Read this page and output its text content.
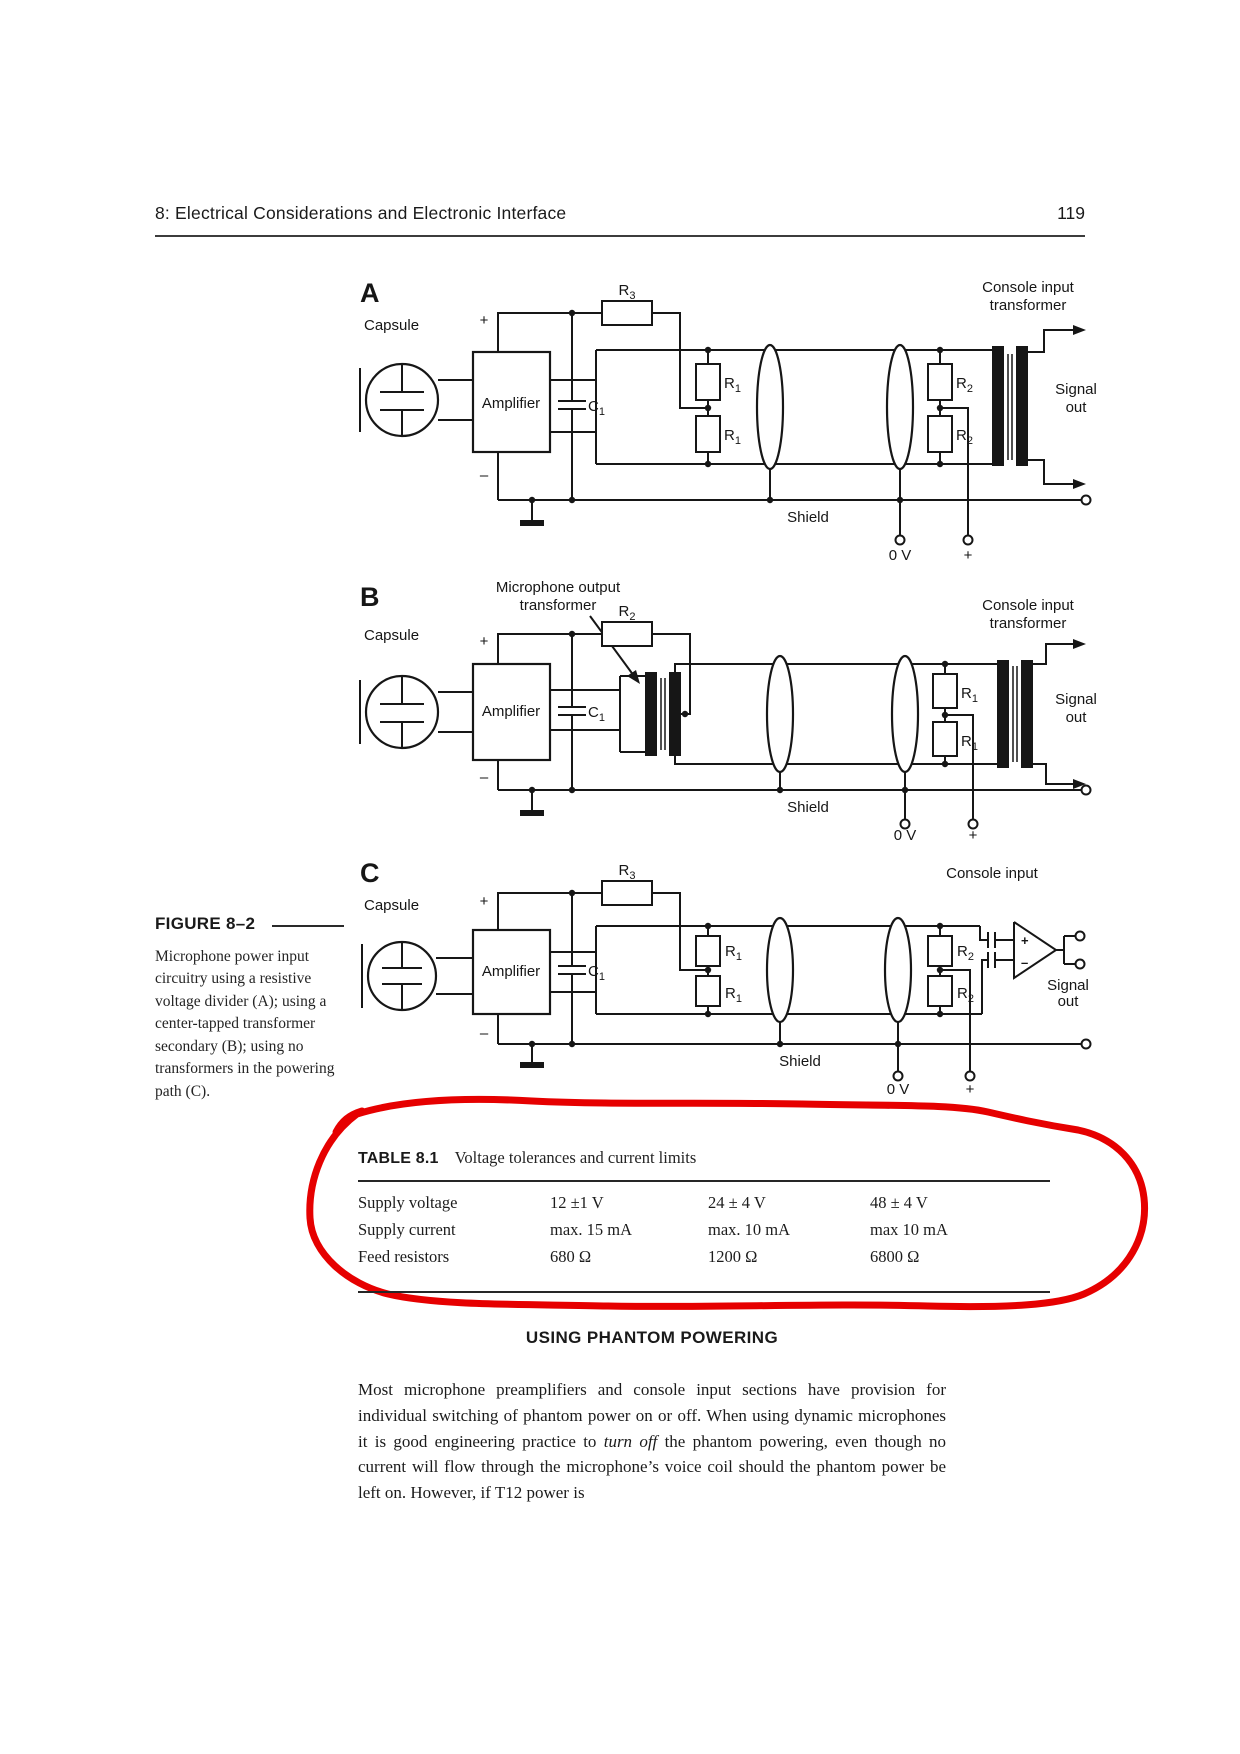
8: Electrical Considerations and Electronic Interface	119
A
Capsule
Amplifier
+
–
$C_1$
$R_3$
$R_1$
$R_1$
$R_2$
$R_2$
Console input
transformer
Signal
out
Shield
0 V	+
B	Microphone output
transformer
Capsule
Amplifier
+
–
$C_1$
$R_2$
$R_1$
$R_1$
Console input
transformer
Signal
out
Shield
0 V	+
C
Capsule
Amplifier
+
–
+
–
$C_1$
$R_3$
$R_1$
$R_1$
$R_2$
$R_2$
Console input
Signal
out
Shield
0 V	+
FIGURE 8–2

Microphone power input circuitry using a resistive voltage divider (A); using a center-tapped transformer secondary (B); using no transformers in the powering path (C).

TABLE 8.1 Voltage tolerances and current limits
Supply voltage	12 ±1 V	24 ± 4 V	48 ± 4 V
Supply current	max. 15 mA	max. 10 mA	max 10 mA
Feed resistors	680 Ω	1200 Ω	6800 Ω
USING PHANTOM POWERING

Most microphone preamplifiers and console input sections have provision for individual switching of phantom power on or off. When using dynamic microphones it is good engineering practice to turn off the phantom powering, even though no current will flow through the microphone’s voice coil should the phantom power be left on. However, if T12 power is
